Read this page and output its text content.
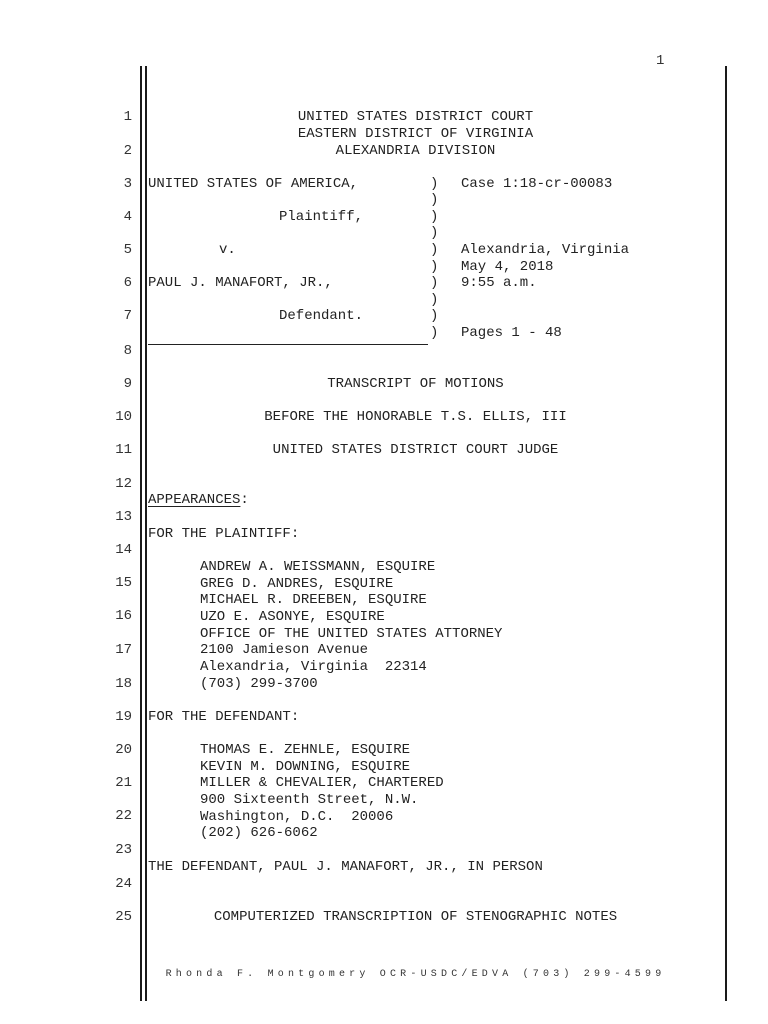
1
1
2
3
4
5
6
7
8
9
10
11
12
13
14
15
16
17
18
19
20
21
22
23
24
25
UNITED STATES DISTRICT COURT
EASTERN DISTRICT OF VIRGINIA
ALEXANDRIA DIVISION
UNITED STATES OF AMERICA,
Plaintiff,
v.
PAUL J. MANAFORT, JR.,
Defendant.
)
)
)
)
)
)
)
)
)
)
Case 1:18-cr-00083
Alexandria, Virginia
May 4, 2018
9:55 a.m.
Pages 1 - 48
TRANSCRIPT OF MOTIONS
BEFORE THE HONORABLE T.S. ELLIS, III
UNITED STATES DISTRICT COURT JUDGE
APPEARANCES:
FOR THE PLAINTIFF:
ANDREW A. WEISSMANN, ESQUIRE
GREG D. ANDRES, ESQUIRE
MICHAEL R. DREEBEN, ESQUIRE
UZO E. ASONYE, ESQUIRE
OFFICE OF THE UNITED STATES ATTORNEY
2100 Jamieson Avenue
Alexandria, Virginia  22314
(703) 299-3700
FOR THE DEFENDANT:
THOMAS E. ZEHNLE, ESQUIRE
KEVIN M. DOWNING, ESQUIRE
MILLER & CHEVALIER, CHARTERED
900 Sixteenth Street, N.W.
Washington, D.C.  20006
(202) 626-6062
THE DEFENDANT, PAUL J. MANAFORT, JR., IN PERSON
COMPUTERIZED TRANSCRIPTION OF STENOGRAPHIC NOTES
Rhonda F. Montgomery OCR-USDC/EDVA (703) 299-4599
